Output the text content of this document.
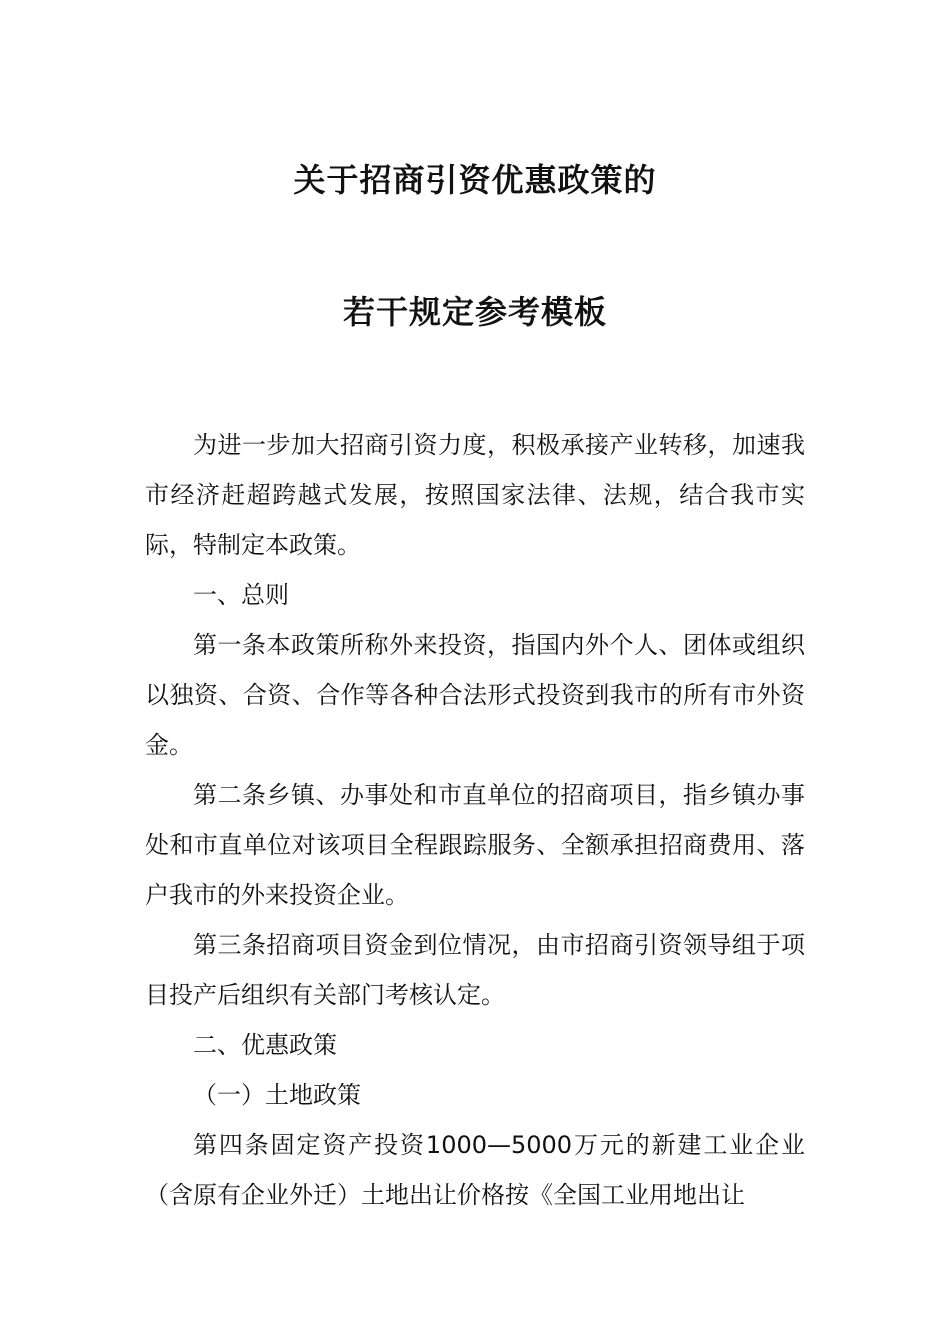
关于招商引资优惠政策的
若干规定参考模板

为进一步加大招商引资力度，积极承接产业转移，加速我市经济赶超跨越式发展，按照国家法律、法规，结合我市实际，特制定本政策。

一、总则

第一条本政策所称外来投资，指国内外个人、团体或组织以独资、合资、合作等各种合法形式投资到我市的所有市外资金。

第二条乡镇、办事处和市直单位的招商项目，指乡镇办事处和市直单位对该项目全程跟踪服务、全额承担招商费用、落户我市的外来投资企业。

第三条招商项目资金到位情况，由市招商引资领导组于项目投产后组织有关部门考核认定。

二、优惠政策

（一）土地政策

第四条固定资产投资1000—5000万元的新建工业企业（含原有企业外迁）土地出让价格按《全国工业用地出让
